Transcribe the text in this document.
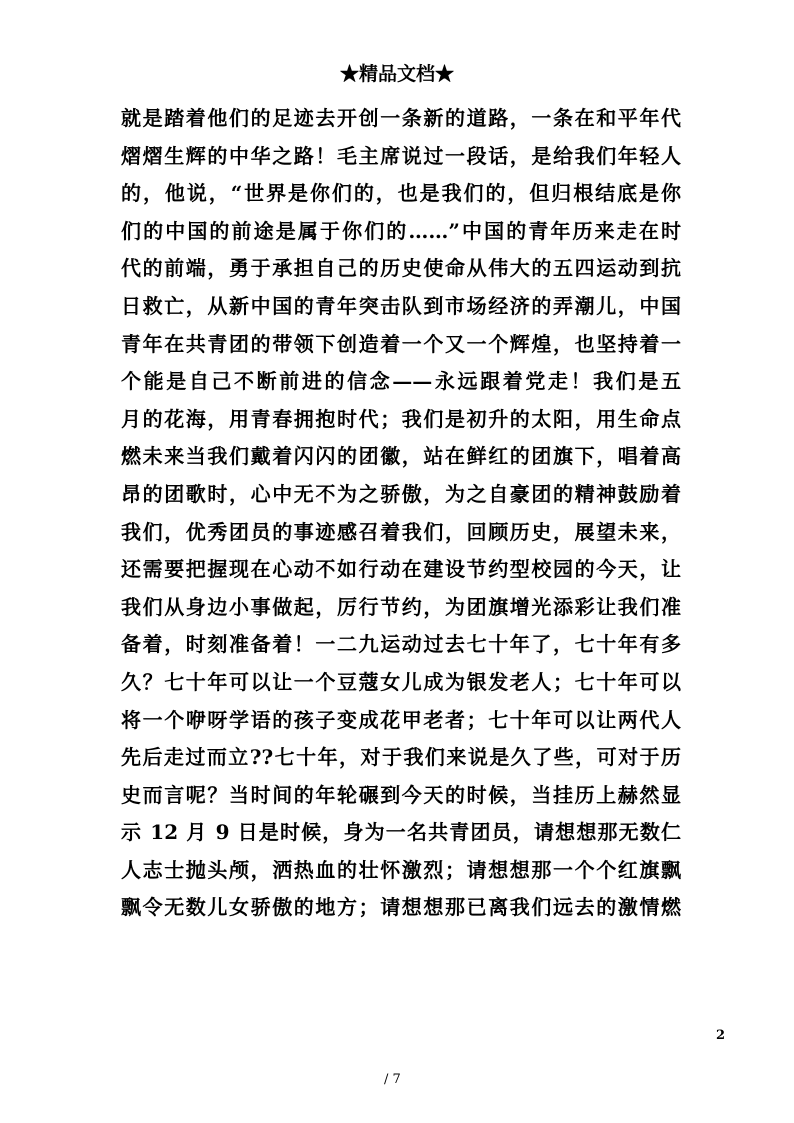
★精品文档★
就是踏着他们的足迹去开创一条新的道路，一条在和平年代
熠熠生辉的中华之路！毛主席说过一段话，是给我们年轻人
的，他说，“世界是你们的，也是我们的，但归根结底是你
们的中国的前途是属于你们的……”中国的青年历来走在时
代的前端，勇于承担自己的历史使命从伟大的五四运动到抗
日救亡，从新中国的青年突击队到市场经济的弄潮儿，中国
青年在共青团的带领下创造着一个又一个辉煌，也坚持着一
个能是自己不断前进的信念——永远跟着党走！我们是五
月的花海，用青春拥抱时代；我们是初升的太阳，用生命点
燃未来当我们戴着闪闪的团徽，站在鲜红的团旗下，唱着高
昂的团歌时，心中无不为之骄傲，为之自豪团的精神鼓励着
我们，优秀团员的事迹感召着我们，回顾历史，展望未来，
还需要把握现在心动不如行动在建设节约型校园的今天，让
我们从身边小事做起，厉行节约，为团旗增光添彩让我们准
备着，时刻准备着！一二九运动过去七十年了，七十年有多
久？七十年可以让一个豆蔻女儿成为银发老人；七十年可以
将一个咿呀学语的孩子变成花甲老者；七十年可以让两代人
先后走过而立??七十年，对于我们来说是久了些，可对于历
史而言呢？当时间的年轮碾到今天的时候，当挂历上赫然显
示 12 月 9 日是时候，身为一名共青团员，请想想那无数仁
人志士抛头颅，洒热血的壮怀激烈；请想想那一个个红旗飘
飘令无数儿女骄傲的地方；请想想那已离我们远去的激情燃
2
/ 7
